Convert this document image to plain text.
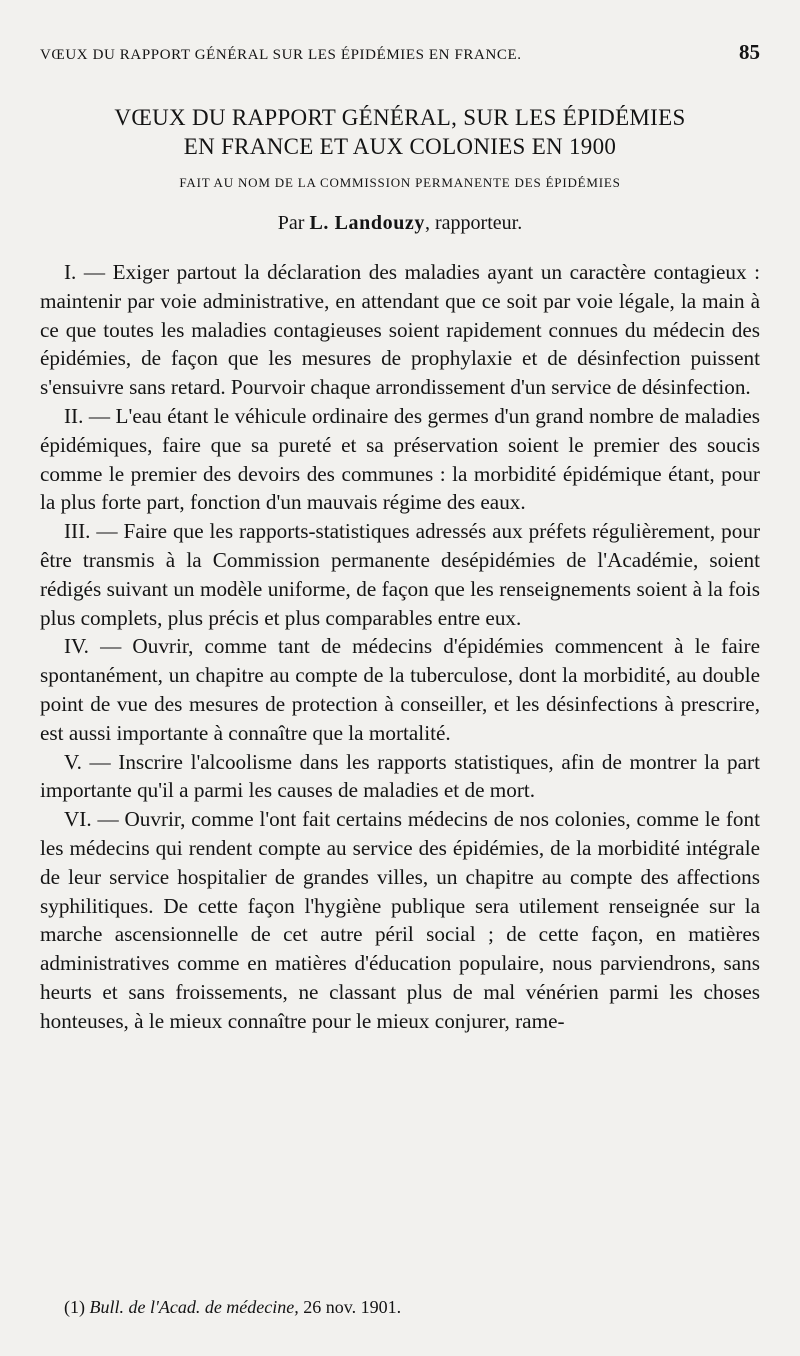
VŒUX DU RAPPORT GÉNÉRAL SUR LES ÉPIDÉMIES EN FRANCE.	85
VŒUX DU RAPPORT GÉNÉRAL, SUR LES ÉPIDÉMIES
EN FRANCE ET AUX COLONIES EN 1900
FAIT AU NOM DE LA COMMISSION PERMANENTE DES ÉPIDÉMIES
Par L. Landouzy, rapporteur.

I. — Exiger partout la déclaration des maladies ayant un caractère contagieux : maintenir par voie administrative, en attendant que ce soit par voie légale, la main à ce que toutes les maladies contagieuses soient rapidement connues du médecin des épidémies, de façon que les mesures de prophylaxie et de désinfection puissent s'ensuivre sans retard. Pourvoir chaque arrondissement d'un service de désinfection.

II. — L'eau étant le véhicule ordinaire des germes d'un grand nombre de maladies épidémiques, faire que sa pureté et sa préservation soient le premier des soucis comme le premier des devoirs des communes : la morbidité épidémique étant, pour la plus forte part, fonction d'un mauvais régime des eaux.

III. — Faire que les rapports-statistiques adressés aux préfets régulièrement, pour être transmis à la Commission permanente desépidémies de l'Académie, soient rédigés suivant un modèle uniforme, de façon que les renseignements soient à la fois plus complets, plus précis et plus comparables entre eux.

IV. — Ouvrir, comme tant de médecins d'épidémies commencent à le faire spontanément, un chapitre au compte de la tuberculose, dont la morbidité, au double point de vue des mesures de protection à conseiller, et les désinfections à prescrire, est aussi importante à connaître que la mortalité.

V. — Inscrire l'alcoolisme dans les rapports statistiques, afin de montrer la part importante qu'il a parmi les causes de maladies et de mort.

VI. — Ouvrir, comme l'ont fait certains médecins de nos colonies, comme le font les médecins qui rendent compte au service des épidémies, de la morbidité intégrale de leur service hospitalier de grandes villes, un chapitre au compte des affections syphilitiques. De cette façon l'hygiène publique sera utilement renseignée sur la marche ascensionnelle de cet autre péril social ; de cette façon, en matières administratives comme en matières d'éducation populaire, nous parviendrons, sans heurts et sans froissements, ne classant plus de mal vénérien parmi les choses honteuses, à le mieux connaître pour le mieux conjurer, rame-

(1) Bull. de l'Acad. de médecine, 26 nov. 1901.
